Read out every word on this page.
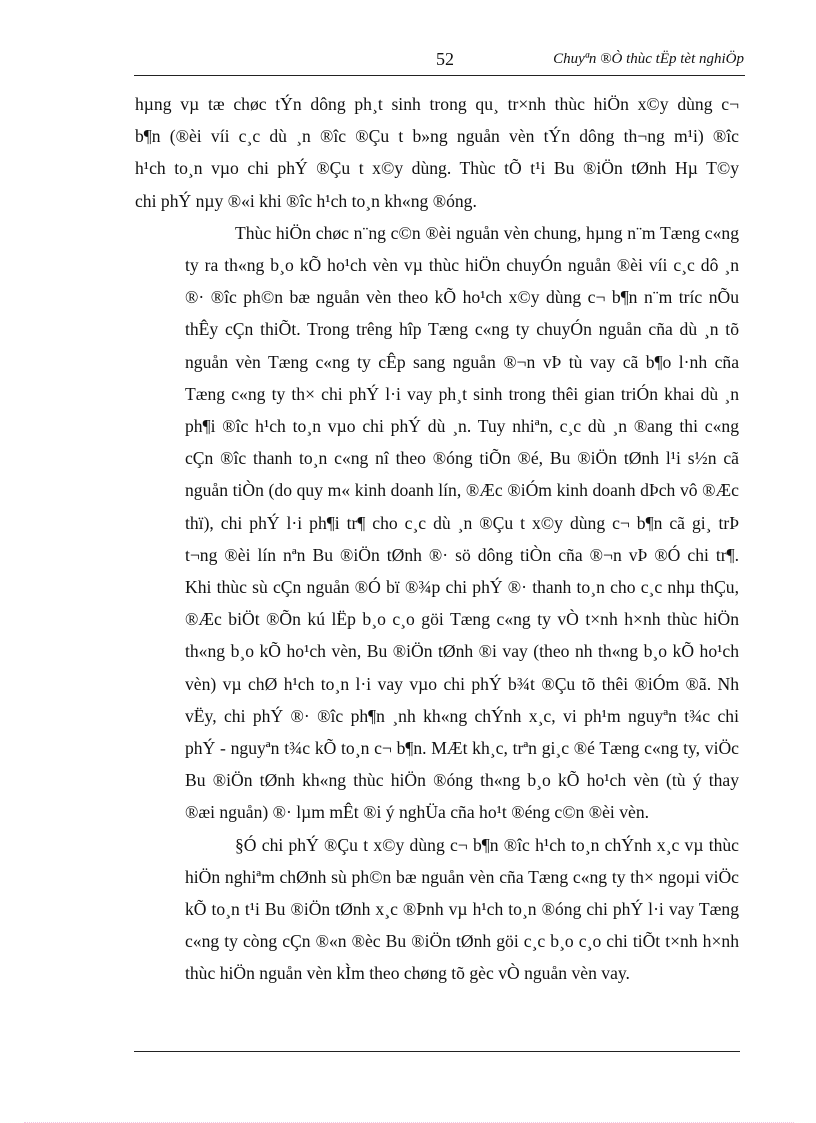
52	Chuyªn ®Ò thùc tËp tèt nghiÖp
hµng vµ tæ chøc tÝn dông ph¸t sinh trong qu¸ tr×nh thùc hiÖn x©y dùng c¬
b¶n (®èi víi c¸c dù ¸n ®îc ®Çu t b»ng nguån vèn tÝn dông th¬ng m¹i) ®îc
h¹ch to¸n vµo chi phÝ ®Çu t x©y dùng. Thùc tÕ t¹i Bu ®iÖn tØnh Hµ T©y
chi phÝ nµy ®«i khi ®îc h¹ch to¸n kh«ng ®óng.
Thùc hiÖn chøc n¨ng c©n ®èi nguån vèn chung, hµng n¨m Tæng c«ng
ty ra th«ng b¸o kÕ ho¹ch vèn vµ thùc hiÖn chuyÓn nguån ®èi víi c¸c dô ¸n
®· ®îc ph©n bæ nguån vèn theo kÕ ho¹ch x©y dùng c¬ b¶n n¨m tríc nÕu
thÊy cÇn thiÕt. Trong trêng hîp Tæng c«ng ty chuyÓn nguån cña dù ¸n tõ
nguån vèn Tæng c«ng ty cÊp sang nguån ®¬n vÞ tù vay cã b¶o l·nh cña
Tæng c«ng ty th× chi phÝ l·i vay ph¸t sinh trong thêi gian triÓn khai dù ¸n
ph¶i ®îc h¹ch to¸n vµo chi phÝ dù ¸n. Tuy nhiªn, c¸c dù ¸n ®ang thi c«ng
cÇn ®îc thanh to¸n c«ng nî theo ®óng tiÕn ®é, Bu ®iÖn tØnh l¹i s½n cã
nguån tiÒn (do quy m« kinh doanh lín, ®Æc ®iÓm kinh doanh dÞch vô ®Æc
thï), chi phÝ l·i ph¶i tr¶ cho c¸c dù ¸n ®Çu t x©y dùng c¬ b¶n cã gi¸ trÞ
t¬ng ®èi lín nªn Bu ®iÖn tØnh ®· sö dông tiÒn cña ®¬n vÞ ®Ó chi tr¶.
Khi thùc sù cÇn nguån ®Ó bï ®¾p chi phÝ ®· thanh to¸n cho c¸c nhµ thÇu,
®Æc biÖt ®Õn kú lËp b¸o c¸o göi Tæng c«ng ty vÒ t×nh h×nh thùc hiÖn
th«ng b¸o kÕ ho¹ch vèn, Bu ®iÖn tØnh ®i vay (theo nh th«ng b¸o kÕ ho¹ch
vèn) vµ chØ h¹ch to¸n l·i vay vµo chi phÝ b¾t ®Çu tõ thêi ®iÓm ®ã. Nh
vËy, chi phÝ ®· ®îc ph¶n ¸nh kh«ng chÝnh x¸c, vi ph¹m nguyªn t¾c chi
phÝ - nguyªn t¾c kÕ to¸n c¬ b¶n. MÆt kh¸c, trªn gi¸c ®é Tæng c«ng ty, viÖc
Bu ®iÖn tØnh kh«ng thùc hiÖn ®óng th«ng b¸o kÕ ho¹ch vèn (tù ý thay
®æi nguån) ®· lµm mÊt ®i ý nghÜa cña ho¹t ®éng c©n ®èi vèn.
§Ó chi phÝ ®Çu t x©y dùng c¬ b¶n ®îc h¹ch to¸n chÝnh x¸c vµ thùc
hiÖn nghiªm chØnh sù ph©n bæ nguån vèn cña Tæng c«ng ty th× ngoµi viÖc
kÕ to¸n t¹i Bu ®iÖn tØnh x¸c ®Þnh vµ h¹ch to¸n ®óng chi phÝ l·i vay Tæng
c«ng ty còng cÇn ®«n ®èc Bu ®iÖn tØnh göi c¸c b¸o c¸o chi tiÕt t×nh h×nh
thùc hiÖn nguån vèn kÌm theo chøng tõ gèc vÒ nguån vèn vay.
